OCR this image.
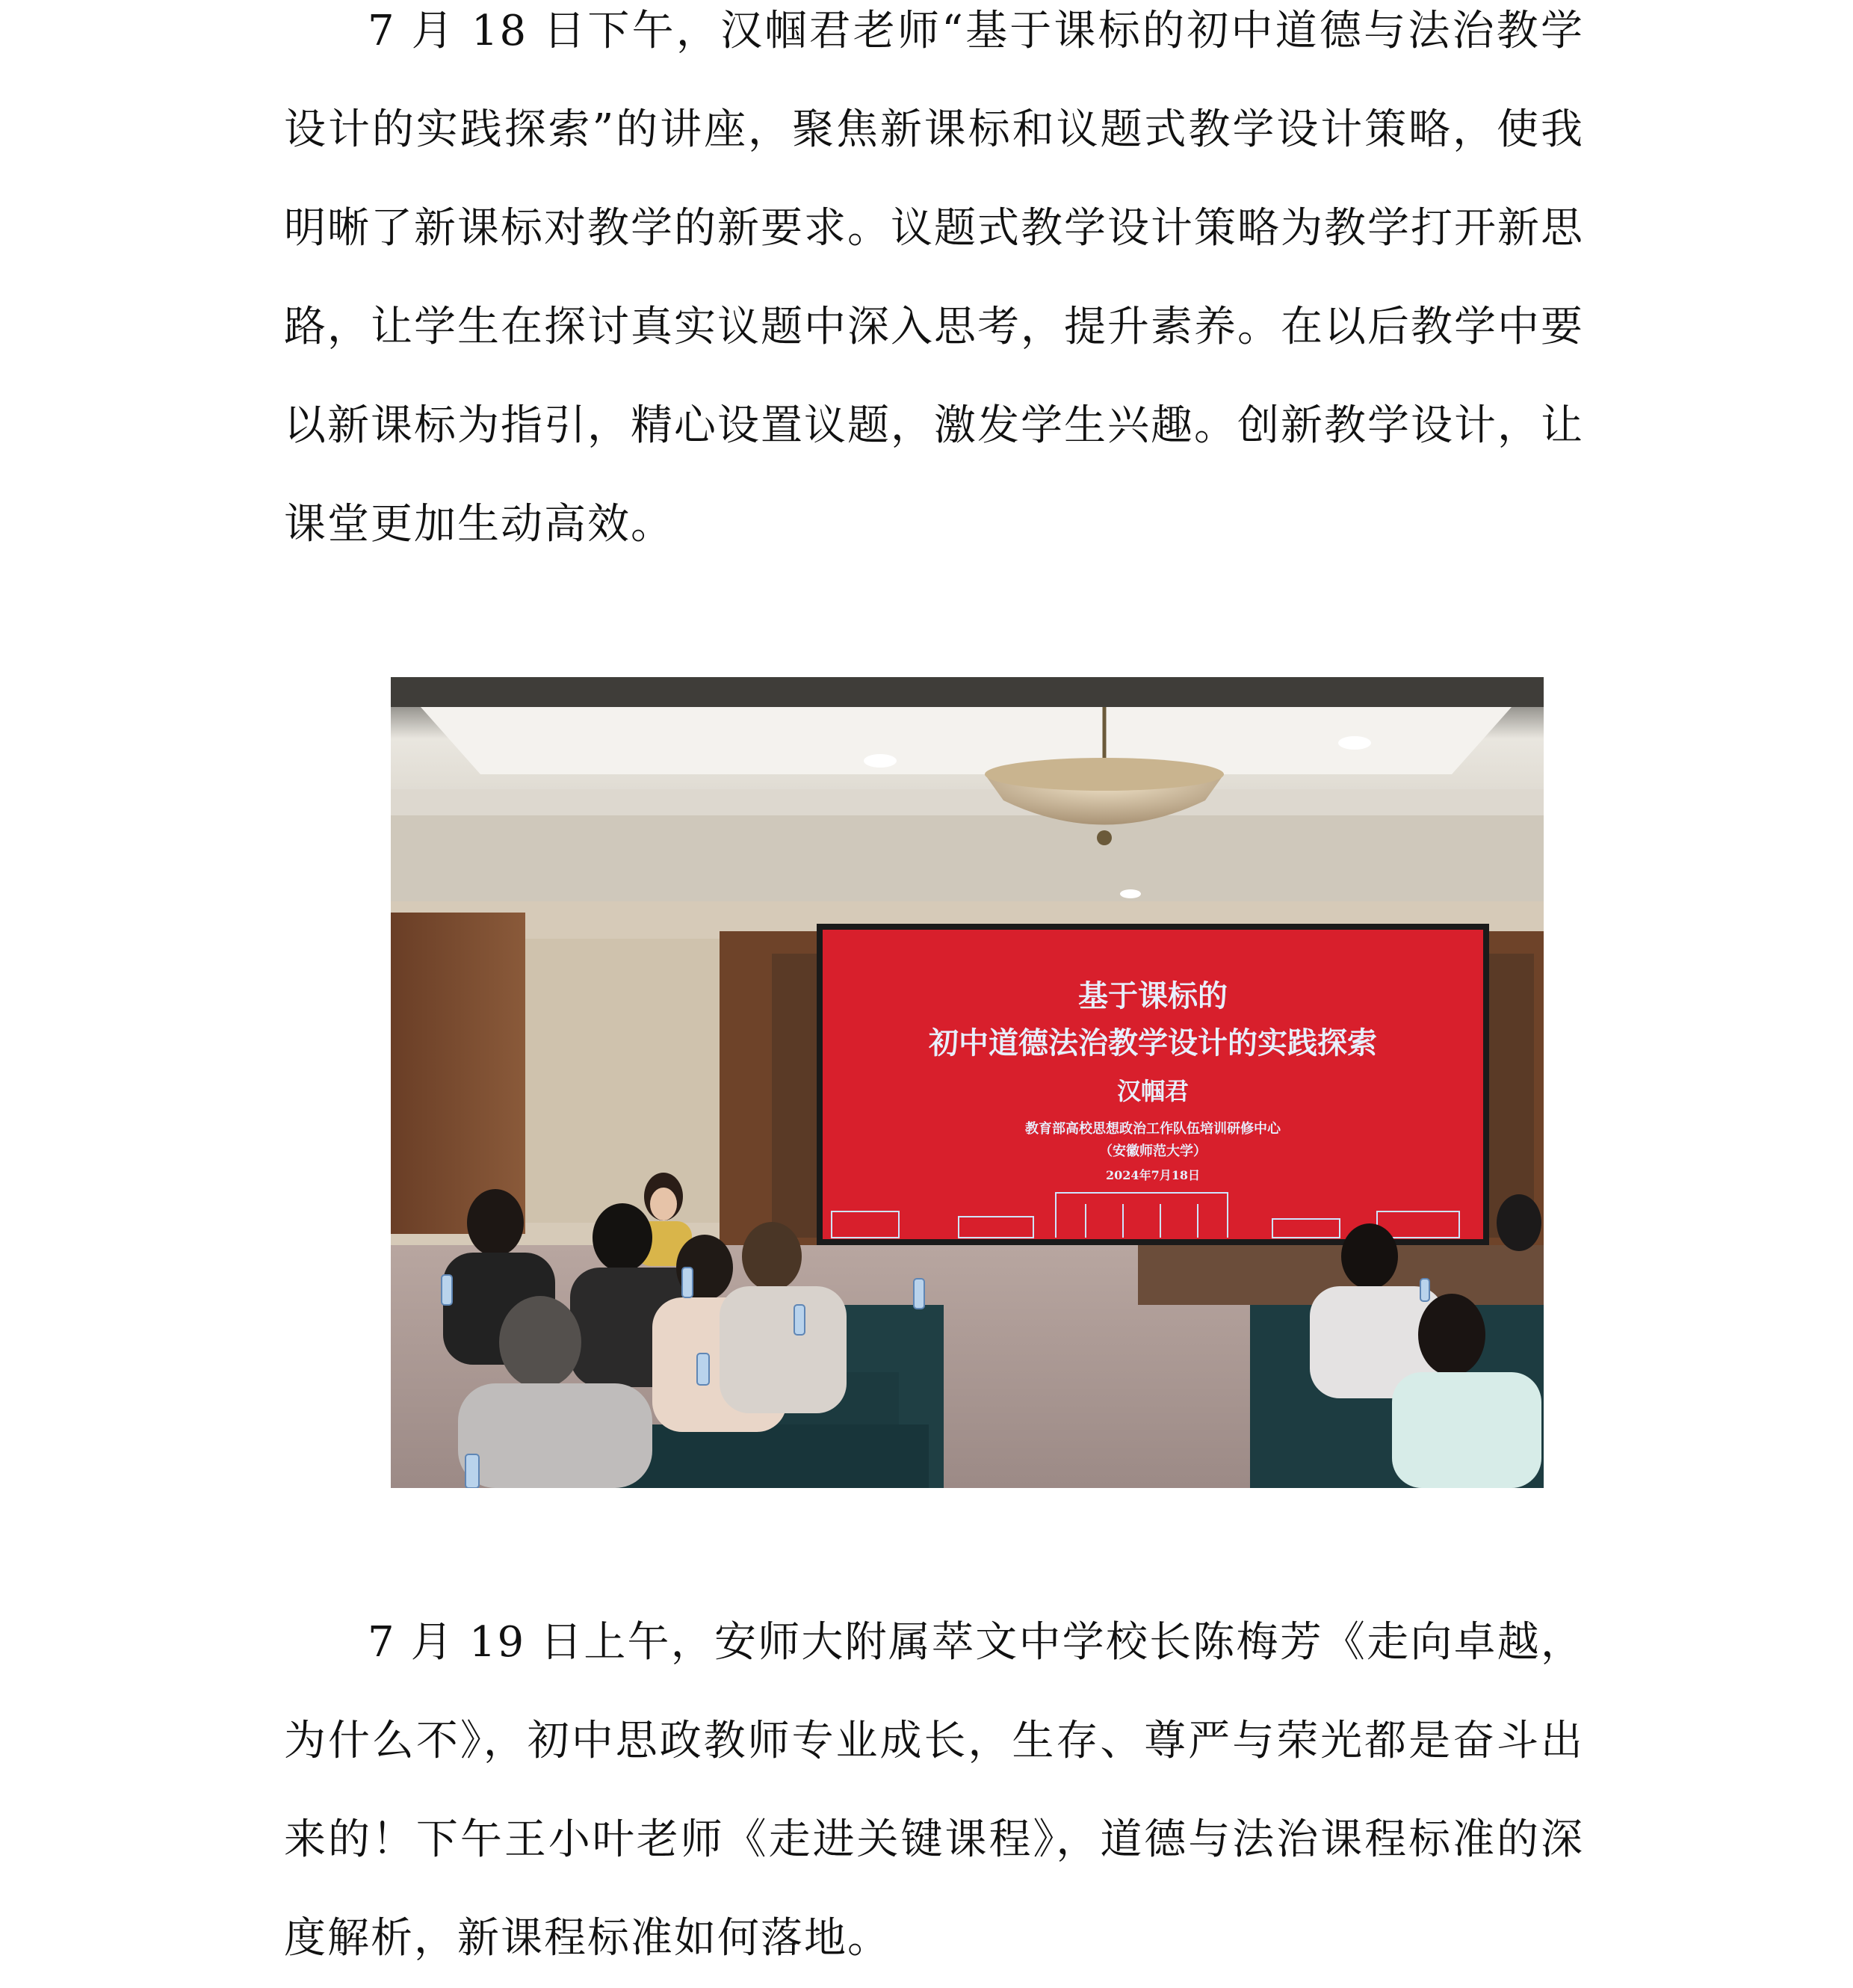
7 月 18 日下午，汉帼君老师“基于课标的初中道德与法治教学设计的实践探索”的讲座，聚焦新课标和议题式教学设计策略，使我明晰了新课标对教学的新要求。议题式教学设计策略为教学打开新思路，让学生在探讨真实议题中深入思考，提升素养。在以后教学中要以新课标为指引，精心设置议题，激发学生兴趣。创新教学设计，让课堂更加生动高效。

基于课标的
初中道德法治教学设计的实践探索
汉帼君
教育部高校思想政治工作队伍培训研修中心
（安徽师范大学）
2024年7月18日

7 月 19 日上午，安师大附属萃文中学校长陈梅芳《走向卓越，为什么不》，初中思政教师专业成长，生存、尊严与荣光都是奋斗出来的！下午王小叶老师《走进关键课程》，道德与法治课程标准的深度解析，新课程标准如何落地。
